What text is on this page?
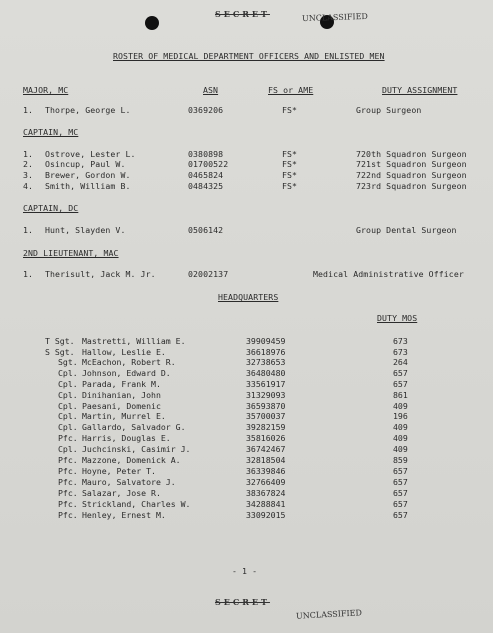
SECRET	UNCLASSIFIED
ROSTER OF MEDICAL DEPARTMENT OFFICERS AND ENLISTED MEN
MAJOR, MC	ASN	FS or AME	DUTY ASSIGNMENT
1. Thorpe, George L.	0369206	FS*	Group Surgeon
CAPTAIN, MC
1. Ostrove, Lester L.	0380898	FS*	720th Squadron Surgeon
2. Osincup, Paul W.	01700522	FS*	721st Squadron Surgeon
3. Brewer, Gordon W.	0465824	FS*	722nd Squadron Surgeon
4. Smith, William B.	0484325	FS*	723rd Squadron Surgeon
CAPTAIN, DC
1. Hunt, Slayden V.	0506142	Group Dental Surgeon
2ND LIEUTENANT, MAC
1. Therisult, Jack M. Jr.	02002137	Medical Administrative Officer
HEADQUARTERS
DUTY MOS
T Sgt. Mastretti, William E.	39909459	673
S Sgt. Hallow, Leslie E.	36618976	673
Sgt. McEachon, Robert R.	32738653	264
Cpl. Johnson, Edward D.	36480480	657
Cpl. Parada, Frank M.	33561917	657
Cpl. Dinihanian, John	31329093	861
Cpl. Paesani, Domenic	36593870	409
Cpl. Martin, Murrel E.	35700037	196
Cpl. Gallardo, Salvador G.	39282159	409
Pfc. Harris, Douglas E.	35816026	409
Cpl. Juchcinski, Casimir J.	36742467	409
Pfc. Mazzone, Domenick A.	32818504	859
Pfc. Hoyne, Peter T.	36339846	657
Pfc. Mauro, Salvatore J.	32766409	657
Pfc. Salazar, Jose R.	38367824	657
Pfc. Strickland, Charles W.	34288841	657
Pfc. Henley, Ernest M.	33092015	657
- 1 -
SECRET
UNCLASSIFIED
